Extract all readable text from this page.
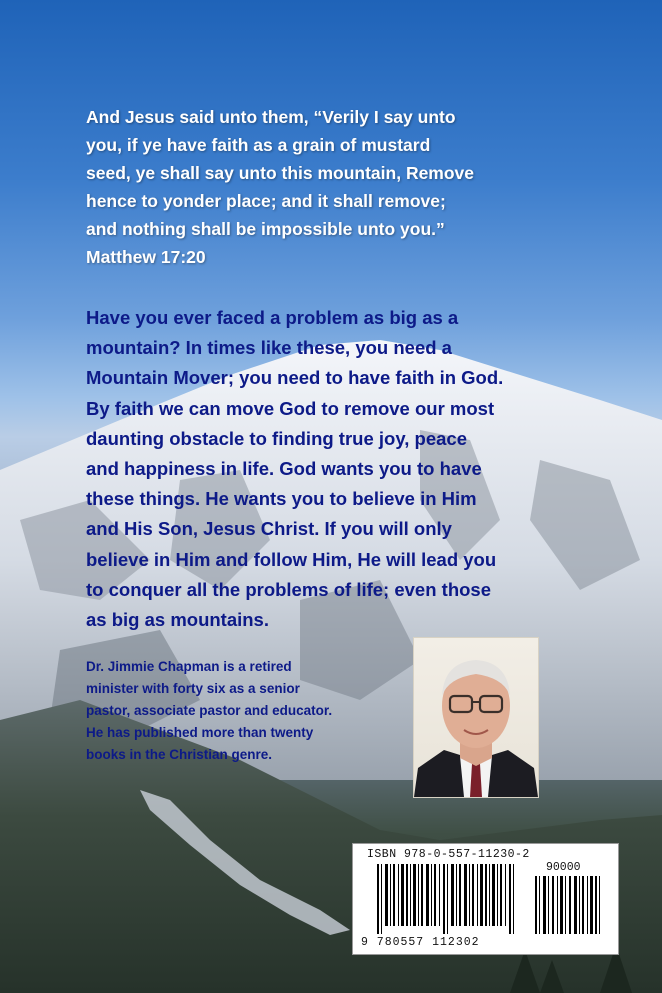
And Jesus said unto them, “Verily I say unto
you, if ye have faith as a grain of mustard
seed, ye shall say unto this mountain, Remove
hence to yonder place; and it shall remove;
and nothing shall be impossible unto you.”
Matthew 17:20
Have you ever faced a problem as big as a
mountain? In times like these, you need a
Mountain Mover; you need to have faith in God.
By faith we can move God to remove our most
daunting obstacle to finding true joy, peace
and happiness in life. God wants you to have
these things. He wants you to believe in Him
and His Son, Jesus Christ. If you will only
believe in Him and follow Him, He will lead you
to conquer all the problems of life; even those
as big as mountains.
Dr. Jimmie Chapman is a retired
minister with forty six as a senior
pastor, associate pastor and educator.
He has published more than twenty
books in the Christian genre.
ISBN 978-0-557-11230-2
90000
9 780557 112302
